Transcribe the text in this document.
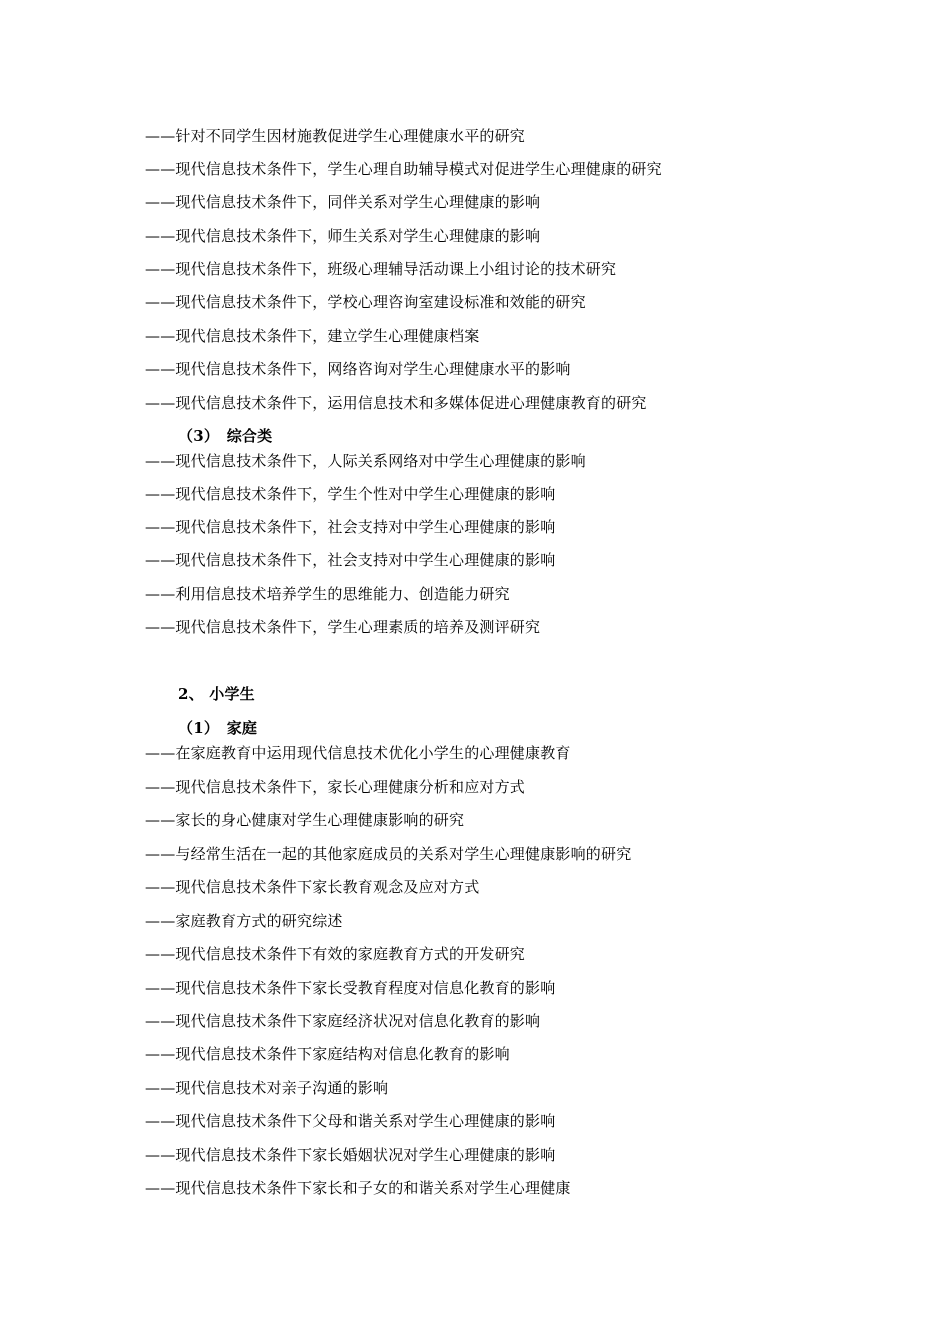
——针对不同学生因材施教促进学生心理健康水平的研究
——现代信息技术条件下，学生心理自助辅导模式对促进学生心理健康的研究
——现代信息技术条件下，同伴关系对学生心理健康的影响
——现代信息技术条件下，师生关系对学生心理健康的影响
——现代信息技术条件下，班级心理辅导活动课上小组讨论的技术研究
——现代信息技术条件下，学校心理咨询室建设标准和效能的研究
——现代信息技术条件下，建立学生心理健康档案
——现代信息技术条件下，网络咨询对学生心理健康水平的影响
——现代信息技术条件下，运用信息技术和多媒体促进心理健康教育的研究
（3）　综合类
——现代信息技术条件下，人际关系网络对中学生心理健康的影响
——现代信息技术条件下，学生个性对中学生心理健康的影响
——现代信息技术条件下，社会支持对中学生心理健康的影响
——现代信息技术条件下，社会支持对中学生心理健康的影响
——利用信息技术培养学生的思维能力、创造能力研究
——现代信息技术条件下，学生心理素质的培养及测评研究
2、 小学生
（1）　家庭
——在家庭教育中运用现代信息技术优化小学生的心理健康教育
——现代信息技术条件下，家长心理健康分析和应对方式
——家长的身心健康对学生心理健康影响的研究
——与经常生活在一起的其他家庭成员的关系对学生心理健康影响的研究
——现代信息技术条件下家长教育观念及应对方式
——家庭教育方式的研究综述
——现代信息技术条件下有效的家庭教育方式的开发研究
——现代信息技术条件下家长受教育程度对信息化教育的影响
——现代信息技术条件下家庭经济状况对信息化教育的影响
——现代信息技术条件下家庭结构对信息化教育的影响
——现代信息技术对亲子沟通的影响
——现代信息技术条件下父母和谐关系对学生心理健康的影响
——现代信息技术条件下家长婚姻状况对学生心理健康的影响
——现代信息技术条件下家长和子女的和谐关系对学生心理健康
